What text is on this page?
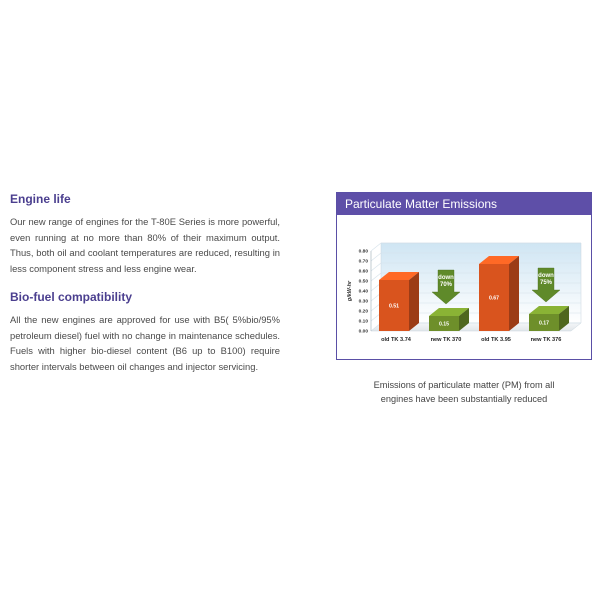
Engine life

Our new range of engines for the T-80E Series is more powerful, even running at no more than 80% of their maximum output. Thus, both oil and coolant temperatures are reduced, resulting in less component stress and less engine wear.

Bio-fuel compatibility

All the new engines are approved for use with B5( 5%bio/95% petroleum diesel) fuel with no change in maintenance schedules. Fuels with higher bio-diesel content (B6 up to B100) require shorter intervals between oil changes and injector servicing.

Particulate Matter Emissions
0.00
0.10
0.20
0.30
0.40
0.50
0.60
0.70
0.80
g/kW-hr
0.51
old TK 3.74
0.15
new TK 370
0.67
old TK 3.95
0.17
new TK 376
down
70%
down
75%
Emissions of particulate matter (PM) from all
engines have been substantially reduced
